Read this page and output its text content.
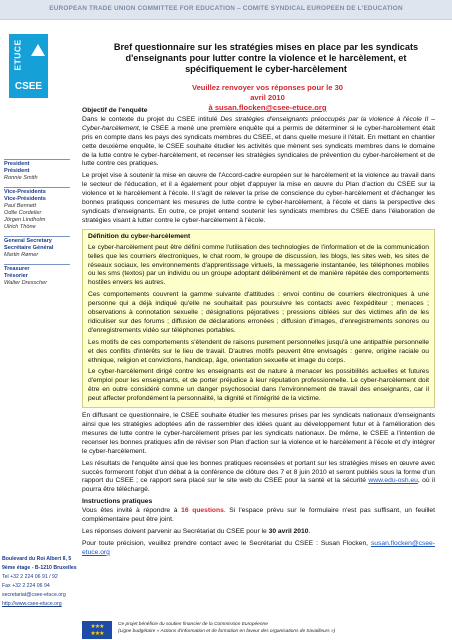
EUROPEAN TRADE UNION COMMITTEE FOR EDUCATION – COMITE SYNDICAL EUROPEEN DE L'EDUCATION
ETUCE
CSEE
President
Président
Ronnie Smith
Vice-Presidents
Vice-Présidents
Paul Bennett
Odile Cordelier
Jörgen Lindholm
Ulrich Thöne
General Secretary
Secrétaire Général
Martin Rømer
Treasurer
Trésorier
Walter Dresscher
Boulevard du Roi Albert II, 5
9ème étage - B-1210 Bruxelles
Tel +32 2 224 06 91 / 92
Fax +32 2 224 06 94
secretariat@csee-etuce.org
http://www.csee-etuce.org
Bref questionnaire sur les stratégies mises en place par les syndicats d'enseignants pour lutter contre la violence et le harcèlement, et spécifiquement le cyber-harcèlement
Veuillez renvoyer vos réponses pour le 30 avril 2010
à susan.flocken@csee-etuce.org
Objectif de l'enquête

Dans le contexte du projet du CSEE intitulé Des stratégies d'enseignants préoccupés par la violence à l'école II – Cyber-harcèlement, le CSEE a mené une première enquête qui a permis de déterminer si le cyber-harcèlement était pris en compte dans les pays des syndicats membres du CSEE, et dans quelle mesure il l'était. En mettant en chantier cette deuxième enquête, le CSEE souhaite étudier les activités que mènent ses syndicats membres dans le domaine de la lutte contre le cyber-harcèlement, et recenser les stratégies syndicales de prévention du cyber-harcèlement et de lutte contre ces pratiques.

Le projet vise à soutenir la mise en œuvre de l'Accord-cadre européen sur le harcèlement et la violence au travail dans le secteur de l'éducation, et il a également pour objet d'appuyer la mise en œuvre du Plan d'action du CSEE sur la violence et le harcèlement à l'école. Il s'agit de relever la prise de conscience du cyber-harcèlement et d'échanger les bonnes pratiques concernant les mesures de lutte contre le cyber-harcèlement, à l'école et dans la perspective des syndicats d'enseignants. En outre, ce projet entend soutenir les syndicats membres du CSEE dans l'élaboration de stratégies visant à lutter contre le cyber-harcèlement à l'école.

Définition du cyber-harcèlement

Le cyber-harcèlement peut être défini comme l'utilisation des technologies de l'information et de la communication telles que les courriers électroniques, le chat room, le groupe de discussion, les blogs, les sites web, les sites de réseaux sociaux, les environnements d'apprentissage virtuels, la messagerie instantanée, les téléphones mobiles ou les sms (textos) par un individu ou un groupe adoptant délibérément et de manière répétée des comportements hostiles envers les autres.

Ces comportements couvrent la gamme suivante d'attitudes : envoi continu de courriers électroniques à une personne qui a déjà indiqué qu'elle ne souhaitait pas poursuivre les contacts avec l'expéditeur ; menaces ; observations à connotation sexuelle ; désignations péjoratives ; pressions ciblées sur des victimes afin de les ridiculiser sur des forums ; diffusion de déclarations erronées ; diffusion d'images, d'enregistrements sonores ou d'enregistrements vidéo sur téléphones portables.

Les motifs de ces comportements s'étendent de raisons purement personnelles jusqu'à une antipathie personnelle et des conflits d'intérêts sur le lieu de travail. D'autres motifs peuvent être envisagés : genre, origine raciale ou ethnique, religion et convictions, handicap, âge, orientation sexuelle et image du corps.

Le cyber-harcèlement dirigé contre les enseignants est de nature à menacer les possibilités actuelles et futures d'emploi pour les enseignants, et de porter préjudice à leur réputation professionnelle. Le cyber-harcèlement doit être en outre considéré comme un danger psychosocial dans l'environnement de travail des enseignants, car il peut affecter profondément la personnalité, la dignité et l'intégrité de la victime.

En diffusant ce questionnaire, le CSEE souhaite étudier les mesures prises par les syndicats nationaux d'enseignants ainsi que les stratégies adoptées afin de rassembler des idées quant au développement futur et à l'amélioration des mesures de lutte contre le cyber-harcèlement prises par les syndicats nationaux. De même, le CSEE a l'intention de recenser les bonnes pratiques afin de réviser son Plan d'action sur la violence et le harcèlement à l'école et d'y intégrer le cyber-harcèlement.

Les résultats de l'enquête ainsi que les bonnes pratiques recensées et portant sur les stratégies mises en œuvre avec succès formeront l'objet d'un débat à la conférence de clôture des 7 et 8 juin 2010 et seront publiés sous la forme d'un rapport du CSEE ; ce rapport sera placé sur le site web du CSEE pour la santé et la sécurité www.edu-osh.eu, où il pourra être téléchargé.

Instructions pratiques

Vous êtes invité à répondre à 16 questions. Si l'espace prévu sur le formulaire n'est pas suffisant, un feuillet complémentaire peut être joint.

Les réponses doivent parvenir au Secrétariat du CSEE pour le 30 avril 2010.

Pour toute précision, veuillez prendre contact avec le Secrétariat du CSEE : Susan Flocken, susan.flocken@csee-etuce.org

★★★
★★★
Ce projet bénéficie du soutien financier de la Commission Européenne
(Ligne budgétaire « Actions d'information et de formation en faveur des organisations de travailleurs »)
